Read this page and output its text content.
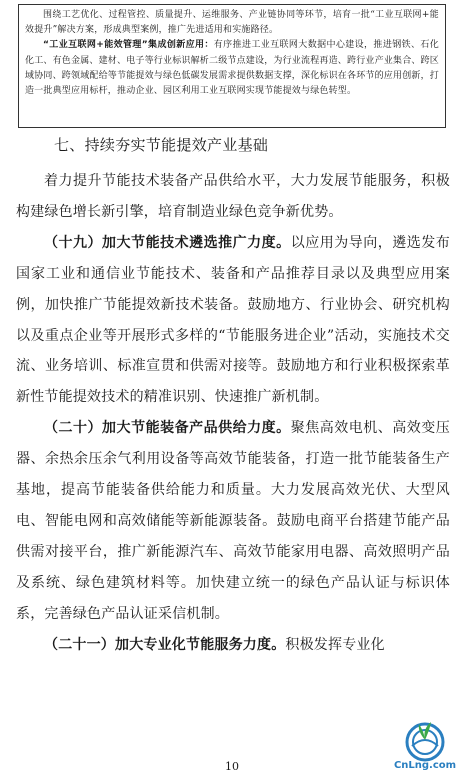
围绕工艺优化、过程管控、质量提升、运维服务、产业链协同等环节，培育一批“工业互联网+能效提升”解决方案，形成典型案例，推广先进适用和实施路径。

“工业互联网+能效管理”集成创新应用：有序推进工业互联网大数据中心建设，推进钢铁、石化化工、有色金属、建材、电子等行业标识解析二级节点建设，为行业流程再造、跨行业产业集合、跨区域协同、跨领域配给等节能提效与绿色低碳发展需求提供数据支撑，深化标识在各环节的应用创新，打造一批典型应用标杆，推动企业、园区利用工业互联网实现节能提效与绿色转型。

七、持续夯实节能提效产业基础

着力提升节能技术装备产品供给水平，大力发展节能服务，积极构建绿色增长新引擎，培育制造业绿色竞争新优势。

（十九）加大节能技术遴选推广力度。以应用为导向，遴选发布国家工业和通信业节能技术、装备和产品推荐目录以及典型应用案例，加快推广节能提效新技术装备。鼓励地方、行业协会、研究机构以及重点企业等开展形式多样的“节能服务进企业”活动，实施技术交流、业务培训、标准宣贯和供需对接等。鼓励地方和行业积极探索革新性节能提效技术的精准识别、快速推广新机制。

（二十）加大节能装备产品供给力度。聚焦高效电机、高效变压器、余热余压余气利用设备等高效节能装备，打造一批节能装备生产基地，提高节能装备供给能力和质量。大力发展高效光伏、大型风电、智能电网和高效储能等新能源装备。鼓励电商平台搭建节能产品供需对接平台，推广新能源汽车、高效节能家用电器、高效照明产品及系统、绿色建筑材料等。加快建立统一的绿色产品认证与标识体系，完善绿色产品认证采信机制。

（二十一）加大专业化节能服务力度。积极发挥专业化

10	CnLng.com
